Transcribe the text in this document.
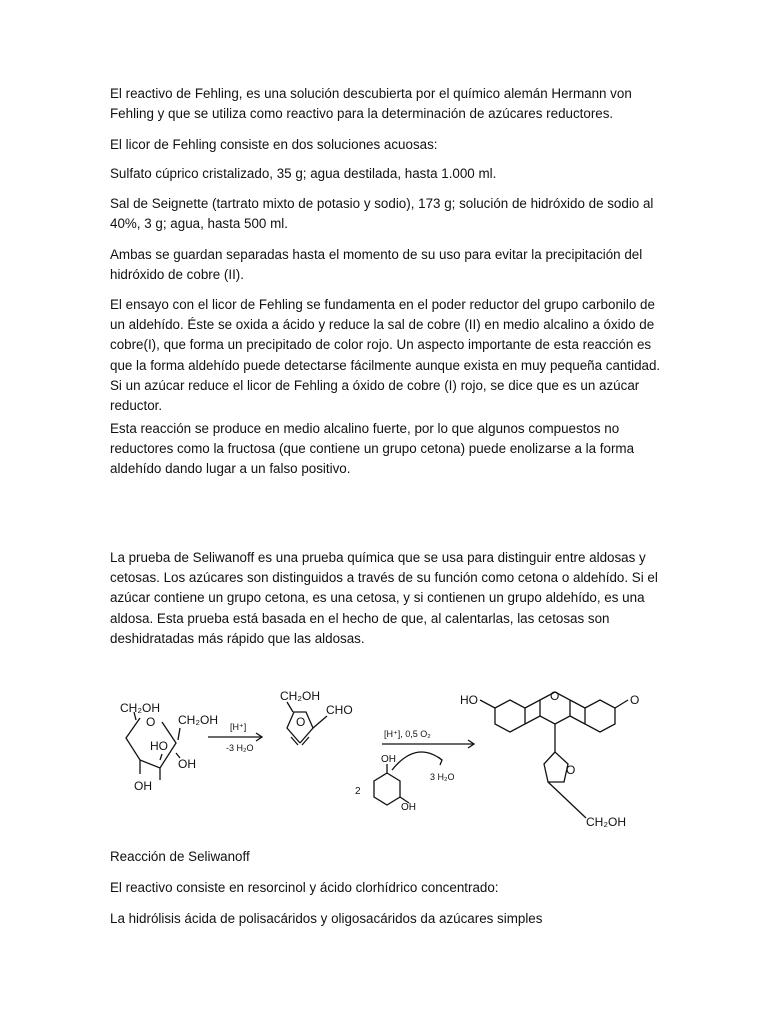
El reactivo de Fehling, es una solución descubierta por el químico alemán Hermann von Fehling y que se utiliza como reactivo para la determinación de azúcares reductores.

El licor de Fehling consiste en dos soluciones acuosas:

Sulfato cúprico cristalizado, 35 g; agua destilada, hasta 1.000 ml.

Sal de Seignette (tartrato mixto de potasio y sodio), 173 g; solución de hidróxido de sodio al 40%, 3 g; agua, hasta 500 ml.

Ambas se guardan separadas hasta el momento de su uso para evitar la precipitación del hidróxido de cobre (II).

El ensayo con el licor de Fehling se fundamenta en el poder reductor del grupo carbonilo de un aldehído. Éste se oxida a ácido y reduce la sal de cobre (II) en medio alcalino a óxido de cobre(I), que forma un precipitado de color rojo. Un aspecto importante de esta reacción es que la forma aldehído puede detectarse fácilmente aunque exista en muy pequeña cantidad. Si un azúcar reduce el licor de Fehling a óxido de cobre (I) rojo, se dice que es un azúcar reductor.

Esta reacción se produce en medio alcalino fuerte, por lo que algunos compuestos no reductores como la fructosa (que contiene un grupo cetona) puede enolizarse a la forma aldehído dando lugar a un falso positivo.

La prueba de Seliwanoff es una prueba química que se usa para distinguir entre aldosas y cetosas. Los azúcares son distinguidos a través de su función como cetona o aldehído. Si el azúcar contiene un grupo cetona, es una cetosa, y si contienen un grupo aldehído, es una aldosa. Esta prueba está basada en el hecho de que, al calentarlas, las cetosas son deshidratadas más rápido que las aldosas.

CH₂OH
CH₂OH
O
HO
OH
OH
[H⁺]
-3 H₂O
CH₂OH
CHO
O
[H⁺], 0,5 O₂
3 H₂O
2
OH
OH
HO	O	O
O
CH₂OH

Reacción de Seliwanoff

El reactivo consiste en resorcinol y ácido clorhídrico concentrado:

La hidrólisis ácida de polisacáridos y oligosacáridos da azúcares simples
